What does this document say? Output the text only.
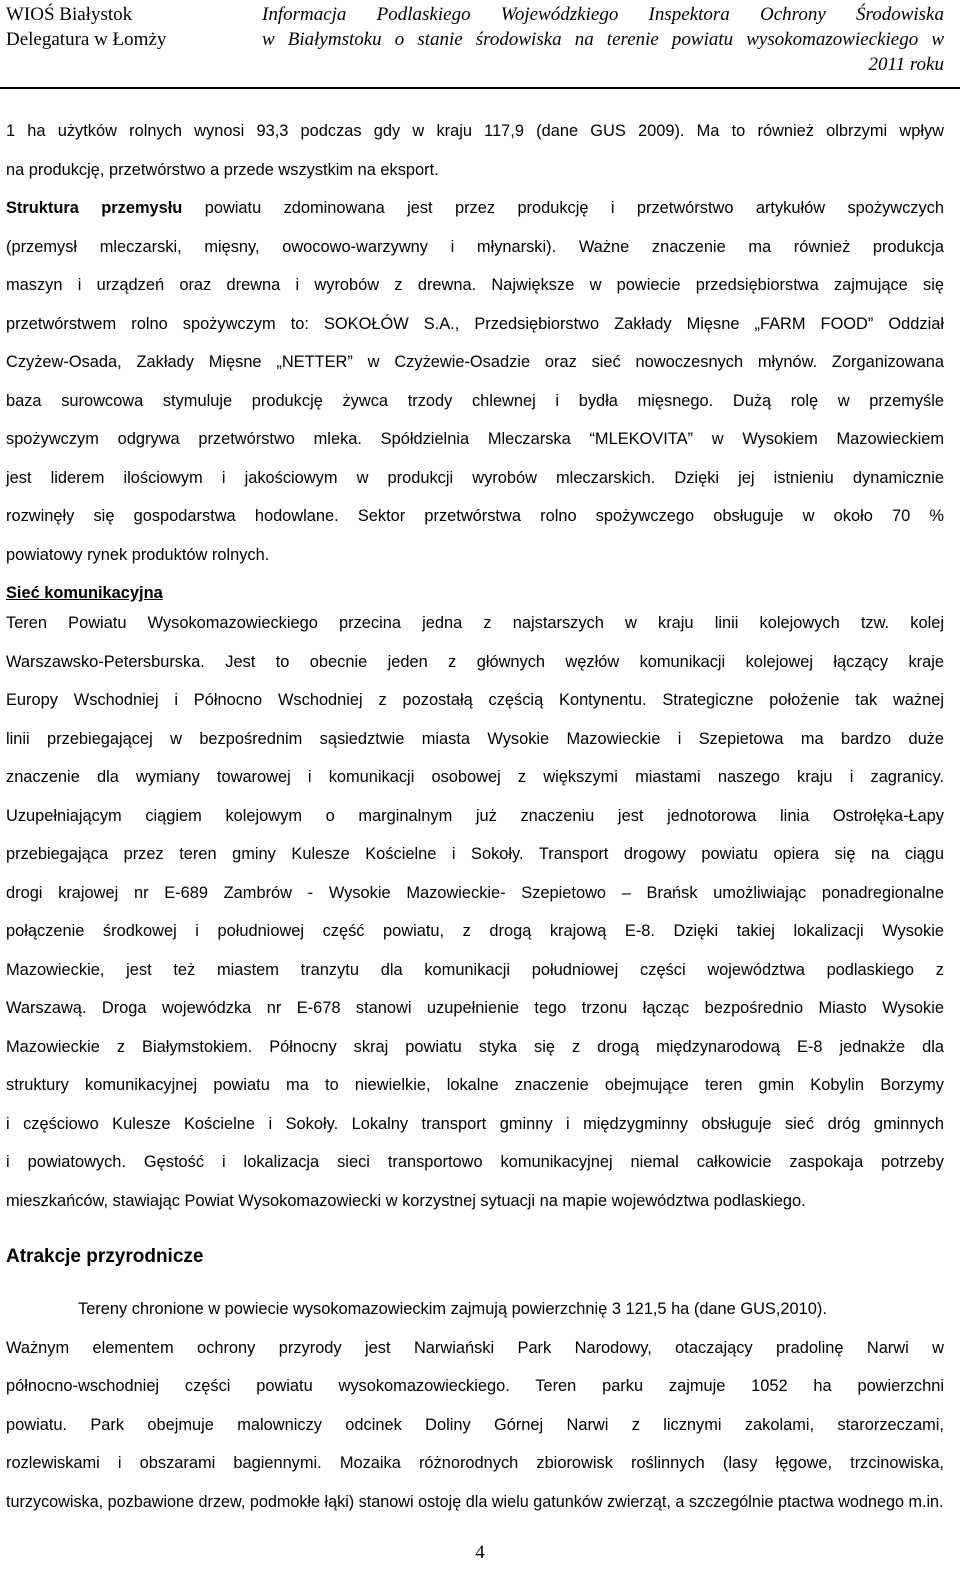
WIOŚ Białystok
Delegatura w Łomży
Informacja Podlaskiego Wojewódzkiego Inspektora Ochrony Środowiska
w Białymstoku o stanie środowiska na terenie powiatu wysokomazowieckiego w
2011 roku
1 ha użytków rolnych wynosi 93,3 podczas gdy w kraju 117,9 (dane GUS 2009). Ma to również olbrzymi wpływ
na produkcję, przetwórstwo a przede wszystkim na eksport.
Struktura przemysłu powiatu zdominowana jest przez produkcję i przetwórstwo artykułów spożywczych
(przemysł mleczarski, mięsny, owocowo-warzywny i młynarski). Ważne znaczenie ma również produkcja
maszyn i urządzeń oraz drewna i wyrobów z drewna. Największe w powiecie przedsiębiorstwa zajmujące się
przetwórstwem rolno spożywczym to: SOKOŁÓW S.A., Przedsiębiorstwo Zakłady Mięsne „FARM FOOD” Oddział
Czyżew-Osada, Zakłady Mięsne „NETTER” w Czyżewie-Osadzie oraz sieć nowoczesnych młynów. Zorganizowana
baza surowcowa stymuluje produkcję żywca trzody chlewnej i bydła mięsnego. Dużą rolę w przemyśle
spożywczym odgrywa przetwórstwo mleka. Spółdzielnia Mleczarska “MLEKOVITA” w Wysokiem Mazowieckiem
jest liderem ilościowym i jakościowym w produkcji wyrobów mleczarskich. Dzięki jej istnieniu dynamicznie
rozwinęły się gospodarstwa hodowlane. Sektor przetwórstwa rolno spożywczego obsługuje w około 70 %
powiatowy rynek produktów rolnych.
Sieć komunikacyjna
Teren Powiatu Wysokomazowieckiego przecina jedna z najstarszych w kraju linii kolejowych tzw. kolej
Warszawsko-Petersburska. Jest to obecnie jeden z głównych węzłów komunikacji kolejowej łączący kraje
Europy Wschodniej i Północno Wschodniej z pozostałą częścią Kontynentu. Strategiczne położenie tak ważnej
linii przebiegającej w bezpośrednim sąsiedztwie miasta Wysokie Mazowieckie i Szepietowa ma bardzo duże
znaczenie dla wymiany towarowej i komunikacji osobowej z większymi miastami naszego kraju i zagranicy.
Uzupełniającym ciągiem kolejowym o marginalnym już znaczeniu jest jednotorowa linia Ostrołęka-Łapy
przebiegająca przez teren gminy Kulesze Kościelne i Sokoły. Transport drogowy powiatu opiera się na ciągu
drogi krajowej nr E-689 Zambrów - Wysokie Mazowieckie- Szepietowo – Brańsk umożliwiając ponadregionalne
połączenie środkowej i południowej część powiatu, z drogą krajową E-8. Dzięki takiej lokalizacji Wysokie
Mazowieckie, jest też miastem tranzytu dla komunikacji południowej części województwa podlaskiego z
Warszawą. Droga wojewódzka nr E-678 stanowi uzupełnienie tego trzonu łącząc bezpośrednio Miasto Wysokie
Mazowieckie z Białymstokiem. Północny skraj powiatu styka się z drogą międzynarodową E-8 jednakże dla
struktury komunikacyjnej powiatu ma to niewielkie, lokalne znaczenie obejmujące teren gmin Kobylin Borzymy
i częściowo Kulesze Kościelne i Sokoły. Lokalny transport gminny i międzygminny obsługuje sieć dróg gminnych
i powiatowych. Gęstość i lokalizacja sieci transportowo komunikacyjnej niemal całkowicie zaspokaja potrzeby
mieszkańców, stawiając Powiat Wysokomazowiecki w korzystnej sytuacji na mapie województwa podlaskiego.
Atrakcje przyrodnicze
Tereny chronione w powiecie wysokomazowieckim zajmują powierzchnię 3 121,5 ha (dane GUS,2010).
Ważnym elementem ochrony przyrody jest Narwiański Park Narodowy, otaczający pradolinę Narwi w
północno-wschodniej części powiatu wysokomazowieckiego. Teren parku zajmuje 1052 ha powierzchni
powiatu. Park obejmuje malowniczy odcinek Doliny Górnej Narwi z licznymi zakolami, starorzeczami,
rozlewiskami i obszarami bagiennymi. Mozaika różnorodnych zbiorowisk roślinnych (lasy łęgowe, trzcinowiska,
turzycowiska, pozbawione drzew, podmokłe łąki) stanowi ostoję dla wielu gatunków zwierząt, a szczególnie ptactwa wodnego m.in.
4
